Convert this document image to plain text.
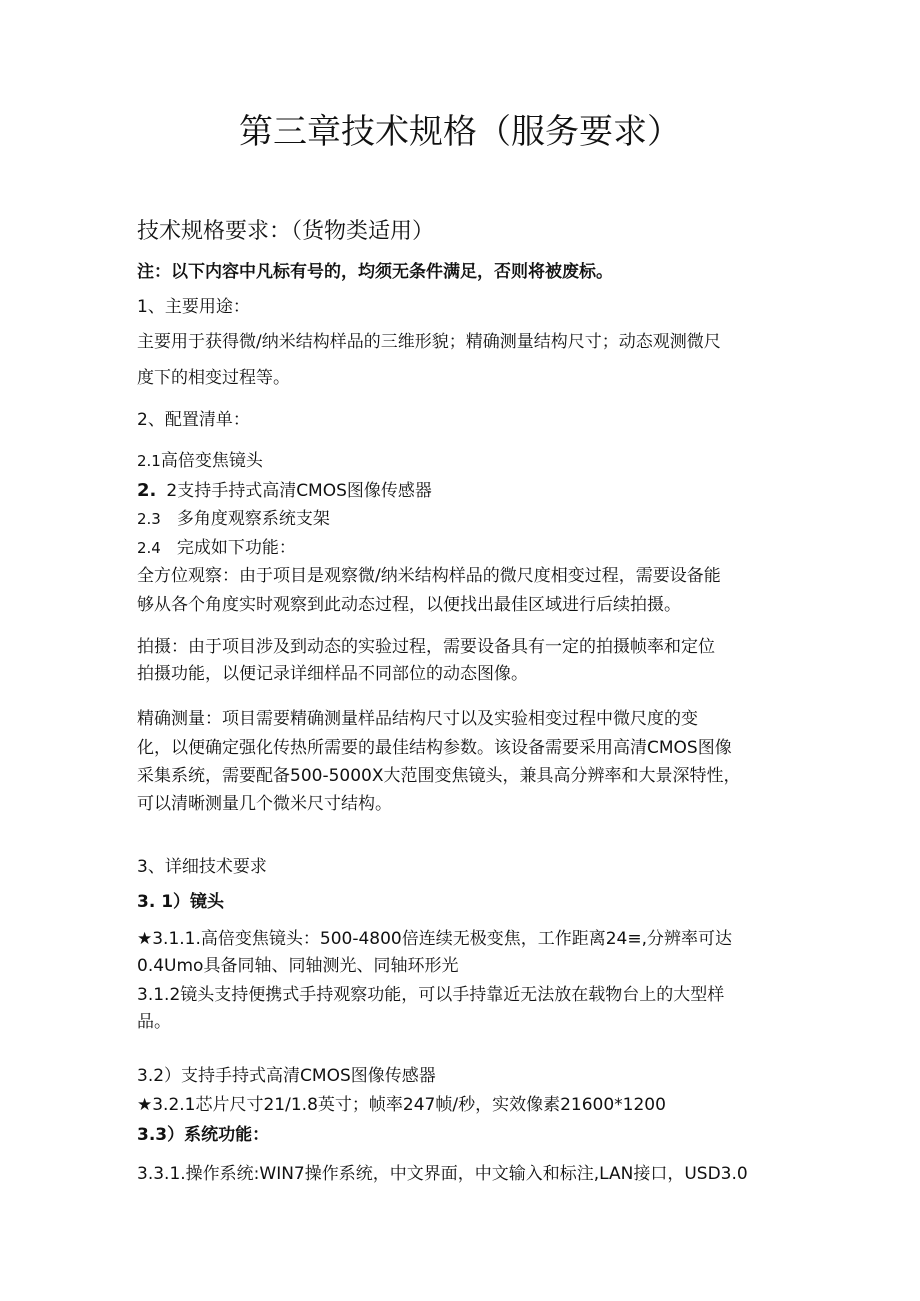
第三章技术规格（服务要求）
技术规格要求：（货物类适用）
注：以下内容中凡标有号的，均须无条件满足，否则将被废标。
1、主要用途：
主要用于获得微/纳米结构样品的三维形貌；精确测量结构尺寸；动态观测微尺
度下的相变过程等。
2、配置清单：
2.1高倍变焦镜头
2. 2支持手持式高清CMOS图像传感器
2.3 多角度观察系统支架
2.4 完成如下功能：
全方位观察：由于项目是观察微/纳米结构样品的微尺度相变过程，需要设备能
够从各个角度实时观察到此动态过程，以便找出最佳区域进行后续拍摄。
拍摄：由于项目涉及到动态的实验过程，需要设备具有一定的拍摄帧率和定位
拍摄功能，以便记录详细样品不同部位的动态图像。
精确测量：项目需要精确测量样品结构尺寸以及实验相变过程中微尺度的变
化，以便确定强化传热所需要的最佳结构参数。该设备需要采用高清CMOS图像
采集系统，需要配备500-5000X大范围变焦镜头，兼具高分辨率和大景深特性，
可以清晰测量几个微米尺寸结构。
3、详细技术要求
3. 1）镜头
★3.1.1.高倍变焦镜头：500-4800倍连续无极变焦，工作距离24≡,分辨率可达
0.4Umo具备同轴、同轴测光、同轴环形光
3.1.2镜头支持便携式手持观察功能，可以手持靠近无法放在载物台上的大型样
品。
3.2）支持手持式高清CMOS图像传感器
★3.2.1芯片尺寸21/1.8英寸；帧率247帧/秒，实效像素21600*1200
3.3）系统功能：
3.3.1.操作系统:WIN7操作系统，中文界面，中文输入和标注,LAN接口，USD3.0
